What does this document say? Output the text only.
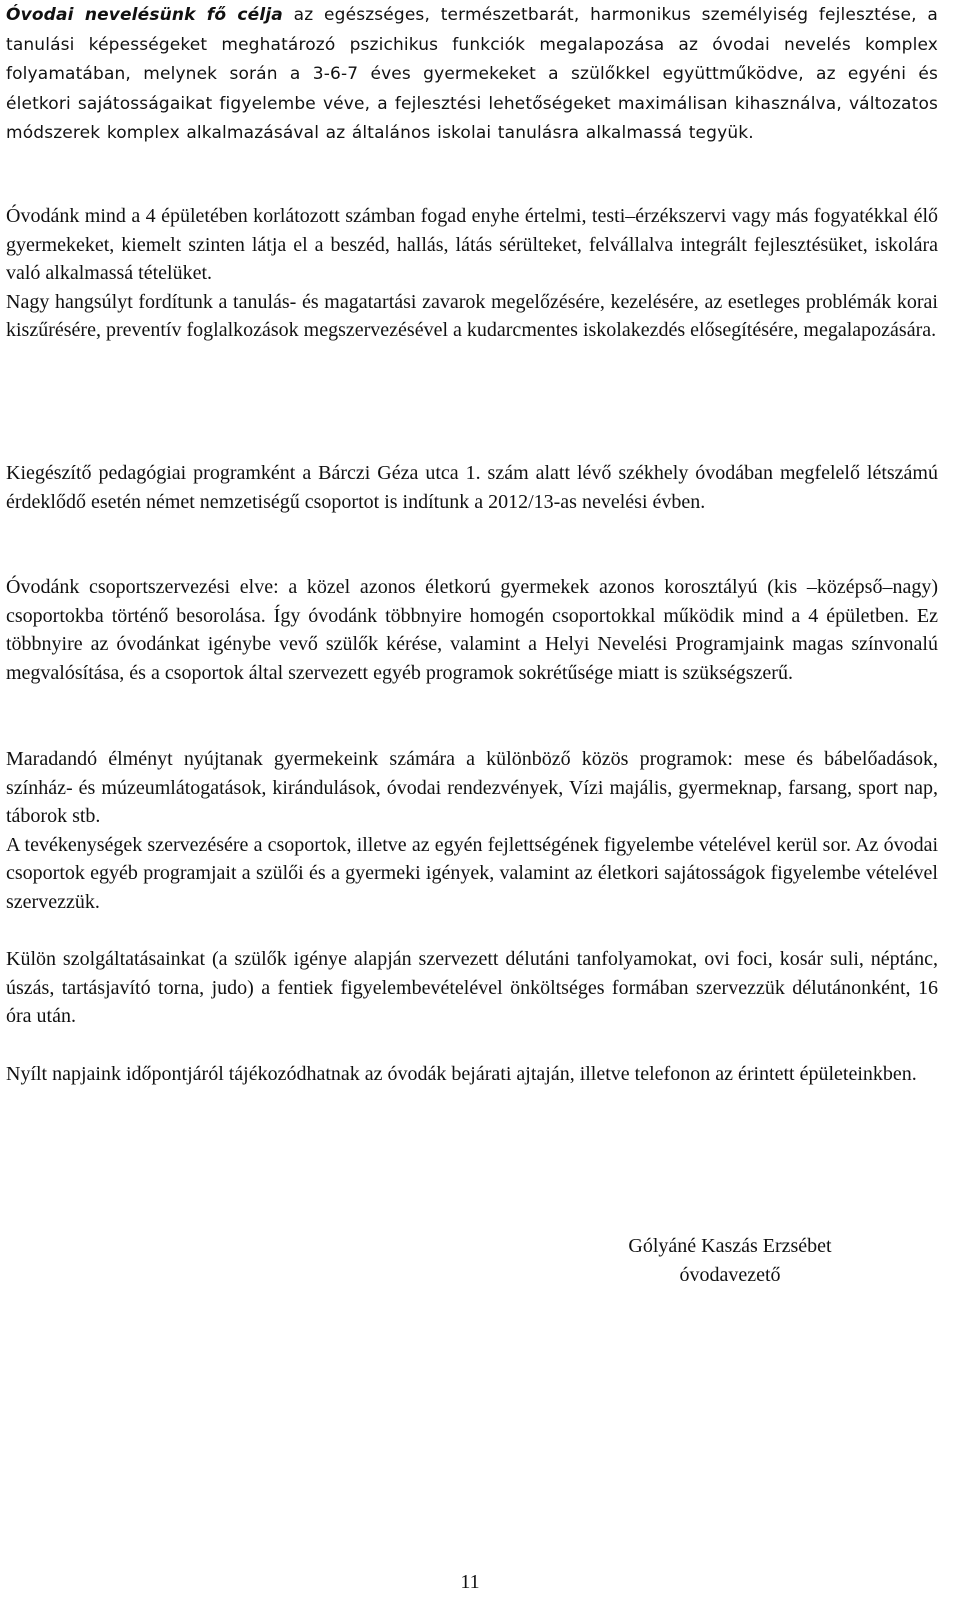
Óvodai nevelésünk fő célja az egészséges, természetbarát, harmonikus személyiség fejlesztése, a tanulási képességeket meghatározó pszichikus funkciók megalapozása az óvodai nevelés komplex folyamatában, melynek során a 3-6-7 éves gyermekeket a szülőkkel együttműködve, az egyéni és életkori sajátosságaikat figyelembe véve, a fejlesztési lehetőségeket maximálisan kihasználva, változatos módszerek komplex alkalmazásával az általános iskolai tanulásra alkalmassá tegyük.

Óvodánk mind a 4 épületében korlátozott számban fogad enyhe értelmi, testi–érzékszervi vagy más fogyatékkal élő gyermekeket, kiemelt szinten látja el a beszéd, hallás, látás sérülteket, felvállalva integrált fejlesztésüket, iskolára való alkalmassá tételüket.

Nagy hangsúlyt fordítunk a tanulás- és magatartási zavarok megelőzésére, kezelésére, az esetleges problémák korai kiszűrésére, preventív foglalkozások megszervezésével a kudarcmentes iskolakezdés elősegítésére, megalapozására.

Kiegészítő pedagógiai programként a Bárczi Géza utca 1. szám alatt lévő székhely óvodában megfelelő létszámú érdeklődő esetén német nemzetiségű csoportot is indítunk a 2012/13-as nevelési évben.

Óvodánk csoportszervezési elve: a közel azonos életkorú gyermekek azonos korosztályú (kis –középső–nagy) csoportokba történő besorolása. Így óvodánk többnyire homogén csoportokkal működik mind a 4 épületben. Ez többnyire az óvodánkat igénybe vevő szülők kérése, valamint a Helyi Nevelési Programjaink magas színvonalú megvalósítása, és a csoportok által szervezett egyéb programok sokrétűsége miatt is szükségszerű.

Maradandó élményt nyújtanak gyermekeink számára a különböző közös programok: mese és bábelőadások, színház- és múzeumlátogatások, kirándulások, óvodai rendezvények, Vízi majális, gyermeknap, farsang, sport nap, táborok stb.

A tevékenységek szervezésére a csoportok, illetve az egyén fejlettségének figyelembe vételével kerül sor. Az óvodai csoportok egyéb programjait a szülői és a gyermeki igények, valamint az életkori sajátosságok figyelembe vételével szervezzük.

Külön szolgáltatásainkat (a szülők igénye alapján szervezett délutáni tanfolyamokat, ovi foci, kosár suli, néptánc, úszás, tartásjavító torna, judo) a fentiek figyelembevételével önköltséges formában szervezzük délutánonként, 16 óra után.

Nyílt napjaink időpontjáról tájékozódhatnak az óvodák bejárati ajtaján, illetve telefonon az érintett épületeinkben.

Gólyáné Kaszás Erzsébet
óvodavezető

11
